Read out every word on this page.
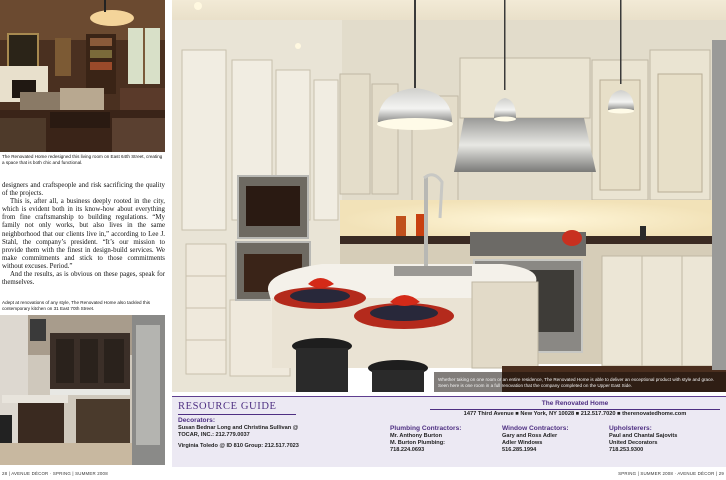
The Renovated Home redesigned this living room on East 64th Street, creating a space that is both chic and functional.

designers and craftspeople and risk sacrificing the quality of the projects.

This is, after all, a business deeply rooted in the city, which is evident both in its know-how about everything from fine craftsmanship to building regulations. “My family not only works, but also lives in the same neighborhood that our clients live in,” according to Lee J. Stahl, the company’s president. “It’s our mission to provide them with the finest in design-build services. We make commitments and stick to those commitments without excuses. Period.”

And the results, as is obvious on these pages, speak for themselves.

Adept at renovations of any style, The Renovated Home also tackled this contemporary kitchen on 31 East 70th Street.
Whether taking on one room or an entire residence, The Renovated Home is able to deliver an exceptional product with style and grace. Seen here is one room in a full renovation that the company completed on the Upper East Side.
RESOURCE GUIDE	The Renovated Home
1477 Third Avenue ■ New York, NY 10028 ■ 212.517.7020 ■ therenovatedhome.com
Decorators:
Susan Bednar Long and Christina Sullivan @
TOCAR, INC.: 212.779.0037
Virginia Toledo @ ID 810 Group: 212.517.7023
Plumbing Contractors:
Mr. Anthony Burton
M. Burton Plumbing:
718.224.0693
Window Contractors:
Gary and Ross Adler
Adler Windows
516.285.1994
Upholsterers:
Paul and Chantal Sajovits
United Decorators
718.253.9300
28 | AVENUE DÉCOR · SPRING | SUMMER 2008	SPRING | SUMMER 2008 · AVENUE DÉCOR | 29
